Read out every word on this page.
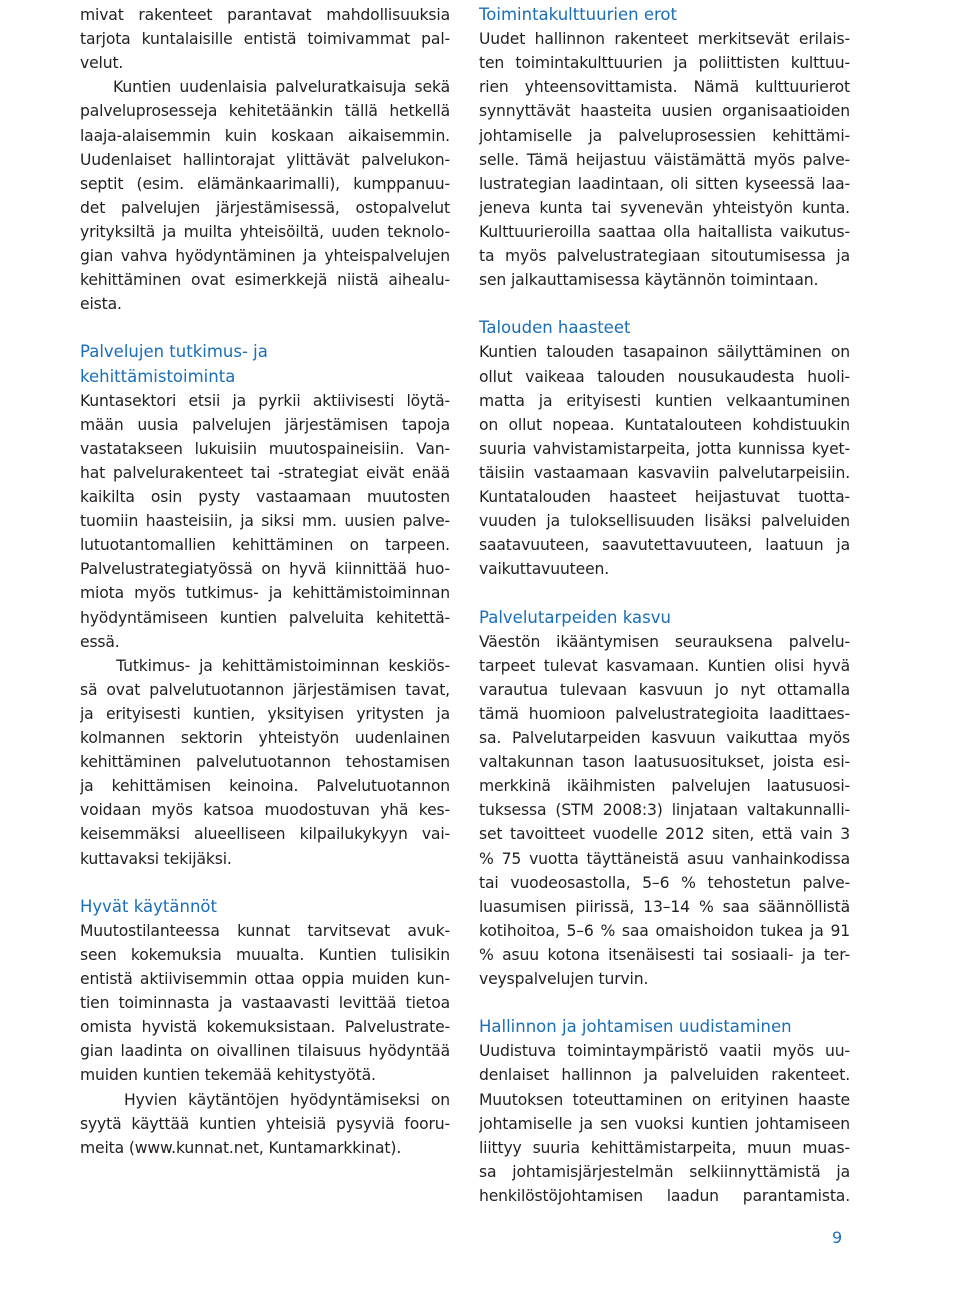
mivat rakenteet parantavat mahdollisuuksia
tarjota kuntalaisille entistä toimivammat pal-
velut.
Kuntien uudenlaisia palveluratkaisuja sekä
palveluprosesseja kehitetäänkin tällä hetkellä
laaja-alaisemmin kuin koskaan aikaisemmin.
Uudenlaiset hallintorajat ylittävät palvelukon-
septit (esim. elämänkaarimalli), kumppanuu-
det palvelujen järjestämisessä, ostopalvelut
yrityksiltä ja muilta yhteisöiltä, uuden teknolo-
gian vahva hyödyntäminen ja yhteispalvelujen
kehittäminen ovat esimerkkejä niistä aihealu-
eista.
Palvelujen tutkimus- ja
kehittämistoiminta
Kuntasektori etsii ja pyrkii aktiivisesti löytä-
mään uusia palvelujen järjestämisen tapoja
vastatakseen lukuisiin muutospaineisiin. Van-
hat palvelurakenteet tai -strategiat eivät enää
kaikilta osin pysty vastaamaan muutosten
tuomiin haasteisiin, ja siksi mm. uusien palve-
lutuotantomallien kehittäminen on tarpeen.
Palvelustrategiatyössä on hyvä kiinnittää huo-
miota myös tutkimus- ja kehittämistoiminnan
hyödyntämiseen kuntien palveluita kehitettä-
essä.
Tutkimus- ja kehittämistoiminnan keskiös-
sä ovat palvelutuotannon järjestämisen tavat,
ja erityisesti kuntien, yksityisen yritysten ja
kolmannen sektorin yhteistyön uudenlainen
kehittäminen palvelutuotannon tehostamisen
ja kehittämisen keinoina. Palvelutuotannon
voidaan myös katsoa muodostuvan yhä kes-
keisemmäksi alueelliseen kilpailukykyyn vai-
kuttavaksi tekijäksi.
Hyvät käytännöt
Muutostilanteessa kunnat tarvitsevat avuk-
seen kokemuksia muualta. Kuntien tulisikin
entistä aktiivisemmin ottaa oppia muiden kun-
tien toiminnasta ja vastaavasti levittää tietoa
omista hyvistä kokemuksistaan. Palvelustrate-
gian laadinta on oivallinen tilaisuus hyödyntää
muiden kuntien tekemää kehitystyötä.
Hyvien käytäntöjen hyödyntämiseksi on
syytä käyttää kuntien yhteisiä pysyviä fooru-
meita (www.kunnat.net, Kuntamarkkinat).
Toimintakulttuurien erot
Uudet hallinnon rakenteet merkitsevät erilais-
ten toimintakulttuurien ja poliittisten kulttuu-
rien yhteensovittamista. Nämä kulttuurierot
synnyttävät haasteita uusien organisaatioiden
johtamiselle ja palveluprosessien kehittämi-
selle. Tämä heijastuu väistämättä myös palve-
lustrategian laadintaan, oli sitten kyseessä laa-
jeneva kunta tai syvenevän yhteistyön kunta.
Kulttuurieroilla saattaa olla haitallista vaikutus-
ta myös palvelustrategiaan sitoutumisessa ja
sen jalkauttamisessa käytännön toimintaan.
Talouden haasteet
Kuntien talouden tasapainon säilyttäminen on
ollut vaikeaa talouden nousukaudesta huoli-
matta ja erityisesti kuntien velkaantuminen
on ollut nopeaa. Kuntatalouteen kohdistuukin
suuria vahvistamistarpeita, jotta kunnissa kyet-
täisiin vastaamaan kasvaviin palvelutarpeisiin.
Kuntatalouden haasteet heijastuvat tuotta-
vuuden ja tuloksellisuuden lisäksi palveluiden
saatavuuteen, saavutettavuuteen, laatuun ja
vaikuttavuuteen.
Palvelutarpeiden kasvu
Väestön ikääntymisen seurauksena palvelu-
tarpeet tulevat kasvamaan. Kuntien olisi hyvä
varautua tulevaan kasvuun jo nyt ottamalla
tämä huomioon palvelustrategioita laadittaes-
sa. Palvelutarpeiden kasvuun vaikuttaa myös
valtakunnan tason laatusuositukset, joista esi-
merkkinä ikäihmisten palvelujen laatusuosi-
tuksessa (STM 2008:3) linjataan valtakunnalli-
set tavoitteet vuodelle 2012 siten, että vain 3
% 75 vuotta täyttäneistä asuu vanhainkodissa
tai vuodeosastolla, 5–6 % tehostetun palve-
luasumisen piirissä, 13–14 % saa säännöllistä
kotihoitoa, 5–6 % saa omaishoidon tukea ja 91
% asuu kotona itsenäisesti tai sosiaali- ja ter-
veyspalvelujen turvin.
Hallinnon ja johtamisen uudistaminen
Uudistuva toimintaympäristö vaatii myös uu-
denlaiset hallinnon ja palveluiden rakenteet.
Muutoksen toteuttaminen on erityinen haaste
johtamiselle ja sen vuoksi kuntien johtamiseen
liittyy suuria kehittämistarpeita, muun muas-
sa johtamisjärjestelmän selkiinnyttämistä ja
henkilöstöjohtamisen laadun parantamista.
9
